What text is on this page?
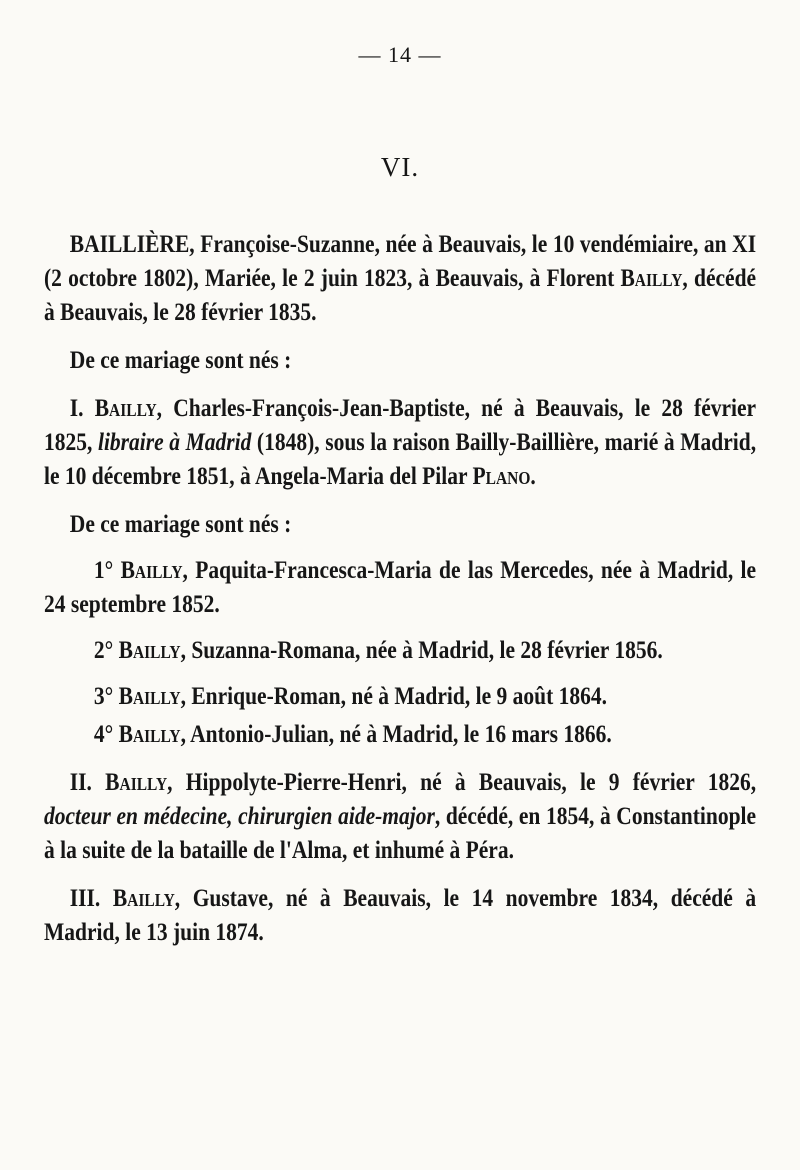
— 14 —
VI.

BAILLIÈRE, Françoise-Suzanne, née à Beauvais, le 10 vendémiaire, an XI (2 octobre 1802), Mariée, le 2 juin 1823, à Beauvais, à Florent Bailly, décédé à Beauvais, le 28 février 1835.

De ce mariage sont nés :

I. Bailly, Charles-François-Jean-Baptiste, né à Beauvais, le 28 février 1825, libraire à Madrid (1848), sous la raison Bailly-Baillière, marié à Madrid, le 10 décembre 1851, à Angela-Maria del Pilar Plano.

De ce mariage sont nés :

1° Bailly, Paquita-Francesca-Maria de las Mercedes, née à Madrid, le 24 septembre 1852.

2° Bailly, Suzanna-Romana, née à Madrid, le 28 février 1856.

3° Bailly, Enrique-Roman, né à Madrid, le 9 août 1864.

4° Bailly, Antonio-Julian, né à Madrid, le 16 mars 1866.

II. Bailly, Hippolyte-Pierre-Henri, né à Beauvais, le 9 février 1826, docteur en médecine, chirurgien aide-major, décédé, en 1854, à Constantinople à la suite de la bataille de l'Alma, et inhumé à Péra.

III. Bailly, Gustave, né à Beauvais, le 14 novembre 1834, décédé à Madrid, le 13 juin 1874.
